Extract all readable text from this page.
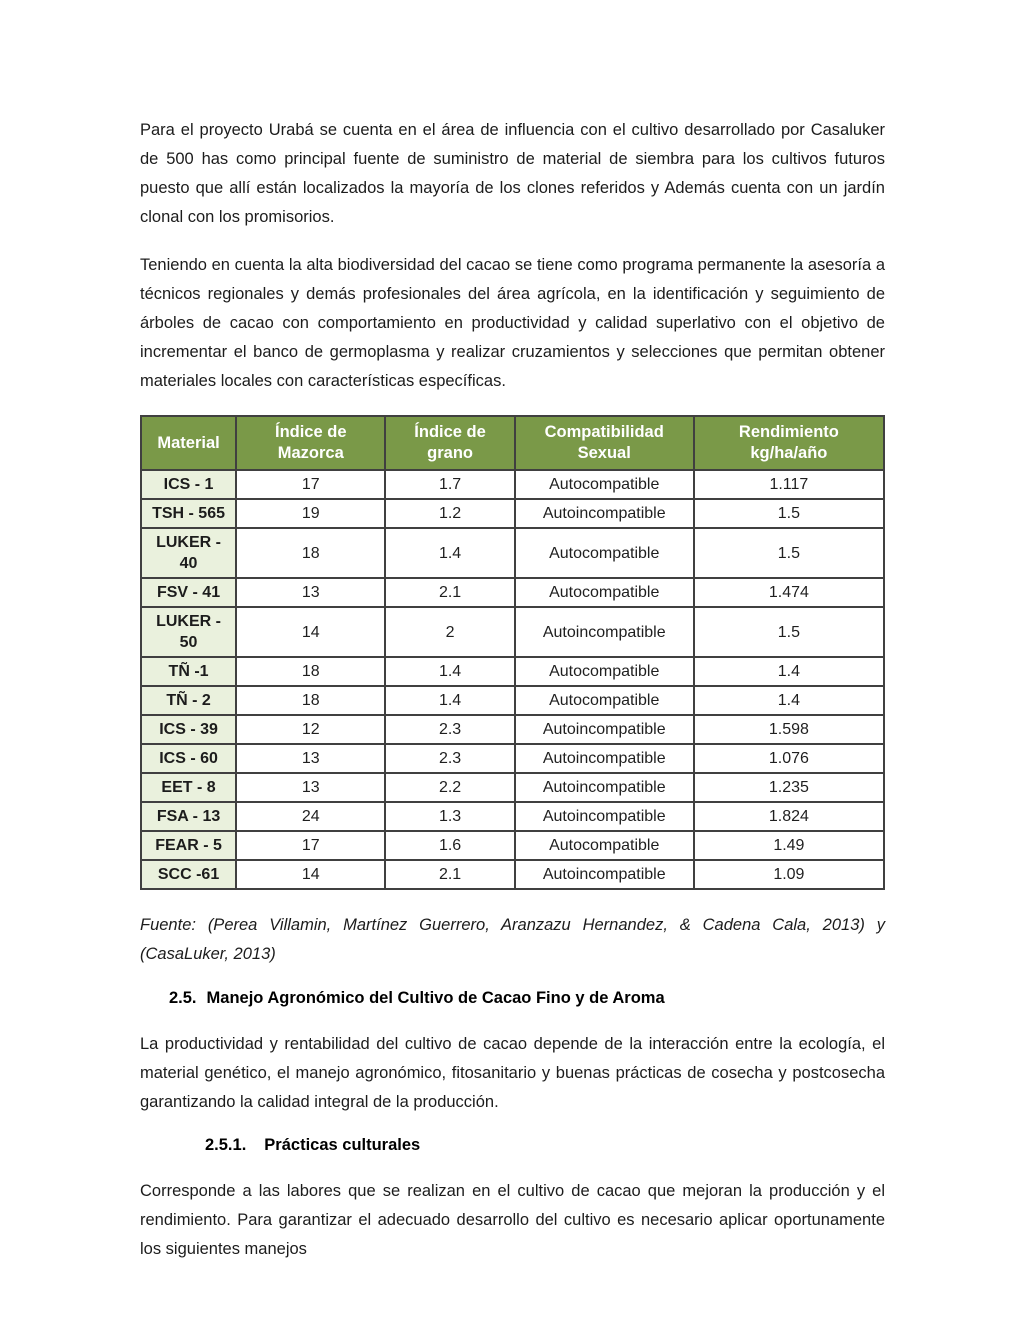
Para el proyecto Urabá se cuenta en el área de influencia con el cultivo desarrollado por Casaluker de 500 has como principal fuente de suministro de material de siembra para los cultivos futuros puesto que allí están localizados la mayoría de los clones referidos y Además cuenta con un jardín clonal con los promisorios.

Teniendo en cuenta la alta biodiversidad del cacao se tiene como programa permanente la asesoría a técnicos regionales y demás profesionales del área agrícola, en la identificación y seguimiento de árboles de cacao con comportamiento en productividad y calidad superlativo con el objetivo de incrementar el banco de germoplasma y realizar cruzamientos y selecciones que permitan obtener materiales locales con características específicas.

Material	Índice de Mazorca	Índice de grano	Compatibilidad Sexual	Rendimiento kg/ha/año
ICS - 1	17	1.7	Autocompatible	1.117
TSH - 565	19	1.2	Autoincompatible	1.5
LUKER - 40	18	1.4	Autocompatible	1.5
FSV - 41	13	2.1	Autocompatible	1.474
LUKER - 50	14	2	Autoincompatible	1.5
TÑ -1	18	1.4	Autocompatible	1.4
TÑ - 2	18	1.4	Autocompatible	1.4
ICS - 39	12	2.3	Autoincompatible	1.598
ICS - 60	13	2.3	Autoincompatible	1.076
EET - 8	13	2.2	Autoincompatible	1.235
FSA - 13	24	1.3	Autoincompatible	1.824
FEAR - 5	17	1.6	Autocompatible	1.49
SCC -61	14	2.1	Autoincompatible	1.09

Fuente: (Perea Villamin, Martínez Guerrero, Aranzazu Hernandez, & Cadena Cala, 2013) y (CasaLuker, 2013)

2.5. Manejo Agronómico del Cultivo de Cacao Fino y de Aroma

La productividad y rentabilidad del cultivo de cacao depende de la interacción entre la ecología, el material genético, el manejo agronómico, fitosanitario y buenas prácticas de cosecha y postcosecha garantizando la calidad integral de la producción.

2.5.1. Prácticas culturales

Corresponde a las labores que se realizan en el cultivo de cacao que mejoran la producción y el rendimiento. Para garantizar el adecuado desarrollo del cultivo es necesario aplicar oportunamente los siguientes manejos
